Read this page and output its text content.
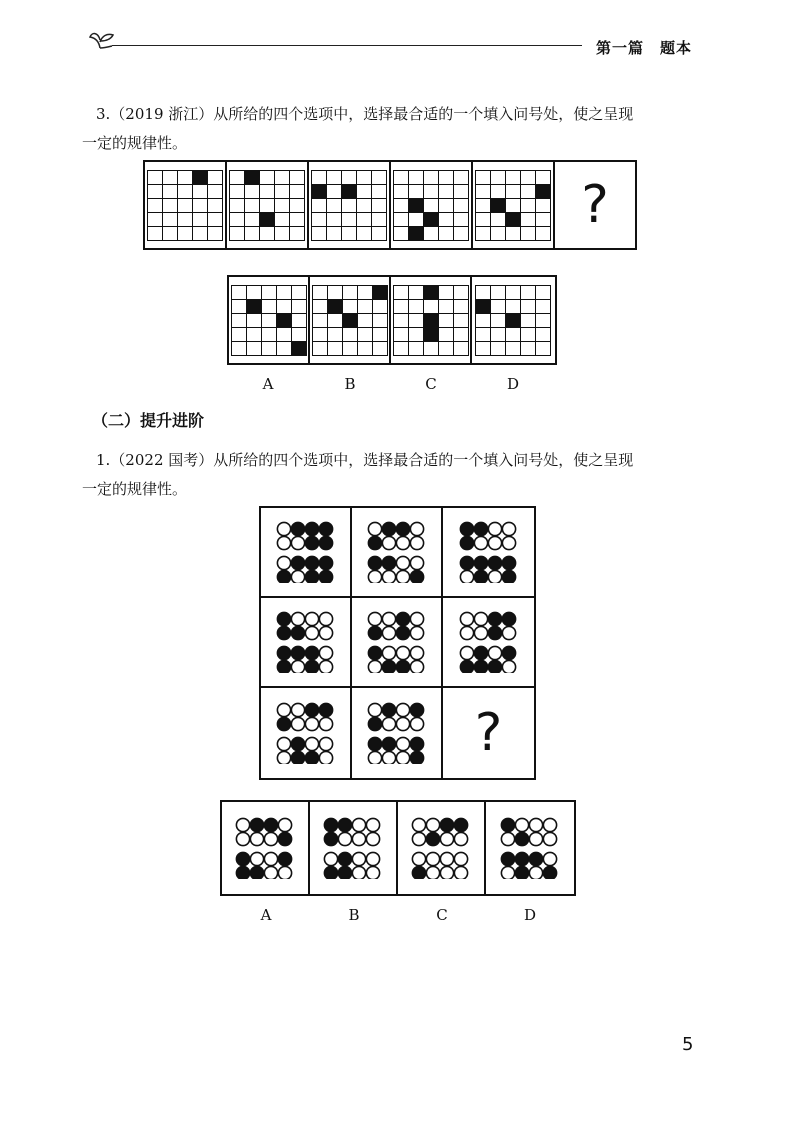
第一篇　题本
3.（2019 浙江）从所给的四个选项中，选择最合适的一个填入问号处，使之呈现
一定的规律性。
?
A	B	C	D
（二）提升进阶
1.（2022 国考）从所给的四个选项中，选择最合适的一个填入问号处，使之呈现
一定的规律性。
?
A	B	C	D
5
